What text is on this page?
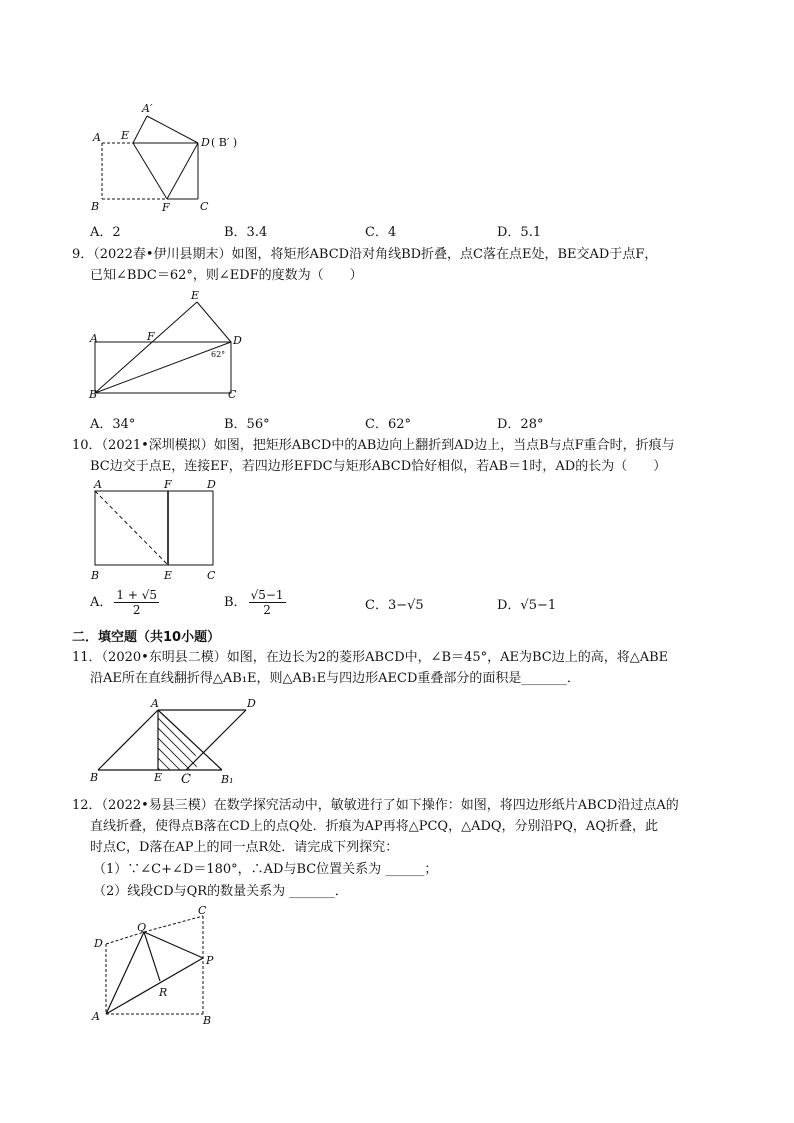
A
A′
E
D ( B′ )
B	F	C
A．2	B．3.4	C．4	D．5.1
9．（2022春•伊川县期末）如图，将矩形ABCD沿对角线BD折叠，点C落在点E处，BE交AD于点F，
已知∠BDC＝62°，则∠EDF的度数为（　　）
E
A	F	D
62°
B	C
A．34°	B．56°	C．62°	D．28°
10．（2021•深圳模拟）如图，把矩形ABCD中的AB边向上翻折到AD边上，当点B与点F重合时，折痕与
BC边交于点E，连接EF，若四边形EFDC与矩形ABCD恰好相似，若AB＝1时，AD的长为（　　）
A	F	D
B	E	C
A． $\frac{1 + √5}{2}$	B． $\frac{√5-1}{2}$	C．3−√5	D．√5−1
二．填空题（共10小题）
11．（2020•东明县二模）如图，在边长为2的菱形ABCD中，∠B＝45°，AE为BC边上的高，将△ABE
沿AE所在直线翻折得△AB₁E，则△AB₁E与四边形AECD重叠部分的面积是_______．
A	D
B	E C	B₁
12．（2022•易县三模）在数学探究活动中，敏敏进行了如下操作：如图，将四边形纸片ABCD沿过点A的
直线折叠，使得点B落在CD上的点Q处．折痕为AP再将△PCQ，△ADQ，分别沿PQ，AQ折叠，此
时点C，D落在AP上的同一点R处．请完成下列探究：
（1）∵∠C+∠D＝180°，∴AD与BC位置关系为 ______；
（2）线段CD与QR的数量关系为 _______．
C
D
Q
P
R
A	B
